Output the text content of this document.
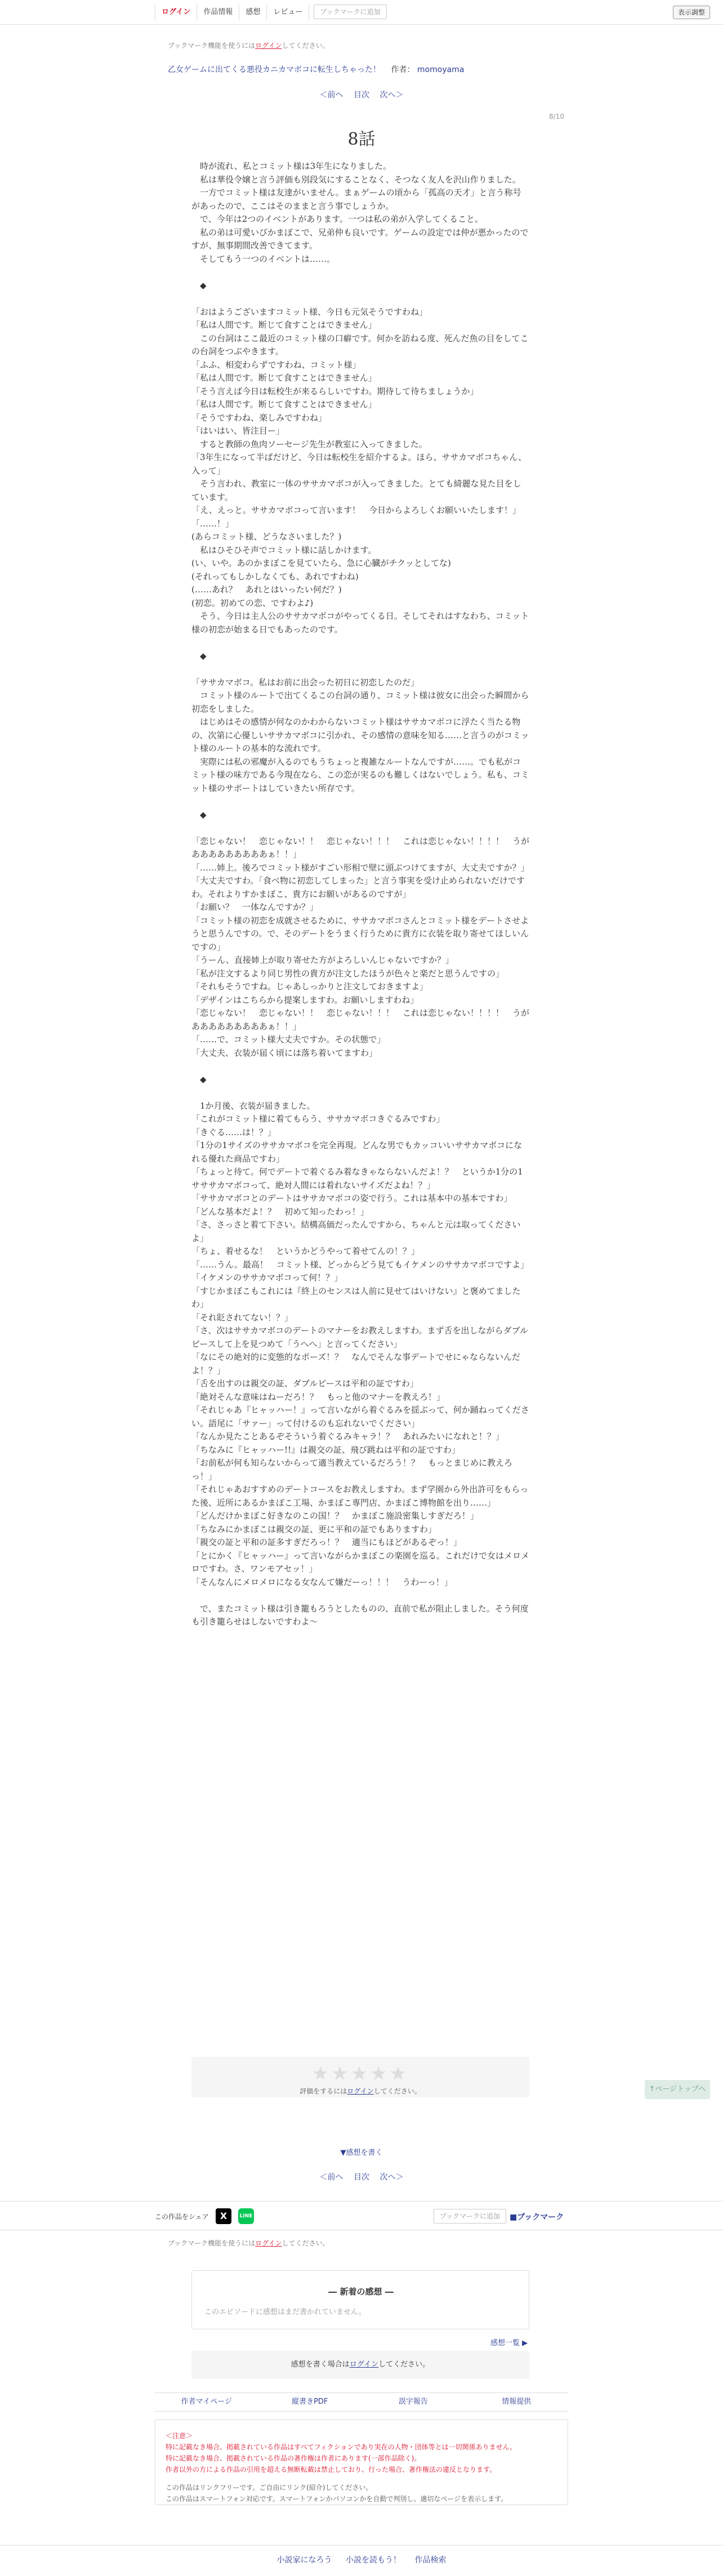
ログイン	作品情報	感想	レビュー	ブックマークに追加	表示調整
ブックマーク機能を使うにはログインしてください。
乙女ゲームに出てくる悪役カニカマボコに転生しちゃった！ 作者： momoyama
＜前へ 目次 次へ＞
8/10
8話

　時が流れ、私とコミット様は3年生になりました。

　私は華役令嬢と言う評価も別段気にすることなく、そつなく友人を沢山作りました。

　一方でコミット様は友達がいません。まぁゲームの頃から「孤高の天才」と言う称号があったので、ここはそのままと言う事でしょうか。

　で、今年は2つのイベントがあります。一つは私の弟が入学してくること。

　私の弟は可愛いびかまぼこで、兄弟仲も良いです。ゲームの設定では仲が悪かったのですが、無事期間改善できてます。

　そしてもう一つのイベントは……。

　◆

「おはようございますコミット様、今日も元気そうですわね」

「私は人間です。断じて食すことはできません」

　この台詞はここ最近のコミット様の口癖です。何かを訪ねる度、死んだ魚の目をしてこの台詞をつぶやきます。

「ふふ、相変わらずですわね、コミット様」

「私は人間です。断じて食すことはできません」

「そう言えば今日は転校生が来るらしいですわ。期待して待ちましょうか」

「私は人間です。断じて食すことはできません」

「そうですわね、楽しみですわね」

「はいはい、皆注目ー」

　すると教師の魚肉ソーセージ先生が教室に入ってきました。

「3年生になって半ばだけど、今日は転校生を紹介するよ。ほら、ササカマボコちゃん、入って」

　そう言われ、教室に一体のササカマボコが入ってきました。とても綺麗な見た目をしています。

「え、えっと。ササカマボコって言います！　今日からよろしくお願いいたします！」

「……！」

(あらコミット様、どうなさいました？)

　私はひそひそ声でコミット様に話しかけます。

(い、いや。あのかまぼこを見ていたら、急に心臓がチクッとしてな)

(それってもしかしなくても、あれですわね)

(……あれ？　あれとはいったい何だ？)

(初恋。初めての恋、ですわよ♪)

　そう、今日は主人公のササカマボコがやってくる日。そしてそれはすなわち、コミット様の初恋が始まる日でもあったのです。

　◆

「ササカマボコ。私はお前に出会った初日に初恋したのだ」

　コミット様のルートで出てくるこの台詞の通り、コミット様は彼女に出会った瞬間から初恋をしました。

　はじめはその感情が何なのかわからないコミット様はササカマボコに浮たく当たる物の、次第に心優しいササカマボコに引かれ、その感情の意味を知る……と言うのがコミット様のルートの基本的な流れです。

　実際には私の邪魔が入るのでもうちょっと複雑なルートなんですが……。でも私がコミット様の味方である今現在なら、この恋が実るのも難しくはないでしょう。私も、コミット様のサポートはしていきたい所存です。

　◆

「恋じゃない！　恋じゃない！！　恋じゃない！！！　これは恋じゃない！！！！　うがあああああああああぁ！！」

「……姉上。後ろでコミット様がすごい形相で壁に頭ぶつけてますが、大丈夫ですか？」

「大丈夫ですわ。「食べ物に初恋してしまった」と言う事実を受け止められないだけですわ。それよりすかまぼこ、貴方にお願いがあるのですが」

「お願い？　一体なんですか？」

「コミット様の初恋を成就させるために、ササカマボコさんとコミット様をデートさせようと思うんですの。で、そのデートをうまく行うために貴方に衣装を取り寄せてほしいんですの」

「うーん、直接姉上が取り寄せた方がよろしいんじゃないですか？」

「私が注文するより同じ男性の貴方が注文したほうが色々と楽だと思うんですの」

「それもそうですね。じゃあしっかりと注文しておきますよ」

「デザインはこちらから提案しますわ。お願いしますわね」

「恋じゃない！　恋じゃない！！　恋じゃない！！！　これは恋じゃない！！！！　うがあああああああああぁ！！」

「……で、コミット様大丈夫ですか。その状態で」

「大丈夫、衣装が届く頃には落ち着いてますわ」

　◆

　1か月後、衣装が届きました。

「これがコミット様に着てもらう、ササカマボコきぐるみですわ」

「きぐる……は！？」

「1分の1サイズのササカマボコを完全再現。どんな男でもカッコいいササカマボコになれる優れた商品ですわ」

「ちょっと待て。何でデートで着ぐるみ着なきゃならないんだよ！？　というか1分の1サササカマボコって、絶対人間には着れないサイズだよね！？」

「ササカマボコとのデートはササカマボコの姿で行う。これは基本中の基本ですわ」

「どんな基本だよ！？　初めて知ったわっ！」

「さ、さっさと着て下さい。結構高価だったんですから、ちゃんと元は取ってくださいよ」

「ちょ、着せるな！　というかどうやって着せてんの！？」

「……うん。最高！　コミット様、どっからどう見てもイケメンのササカマボコですよ」

「イケメンのササカマボコって何！？」

「すじかまぼこもこれには『終上のセンスは人前に見せてはいけない』と褒めてましたわ」

「それ貶されてない！？」

「さ、次はササカマボコのデートのマナーをお教えしますわ。まず舌を出しながらダブルピースして上を見つめて「うへへ」と言ってください」

「なにその絶対的に変態的なポーズ！？　なんでそんな事デートでせにゃならないんだよ！？」

「舌を出すのは親交の証、ダブルピースは平和の証ですわ」

「絶対そんな意味はねーだろ！？　もっと他のマナーを教えろ！」

「それじゃあ『ヒャッハー！』って言いながら着ぐるみを揺ぶって、何か踊ねってください。語尾に「サァー」って付けるのも忘れないでください」

「なんか見たことあるぞそういう着ぐるみキャラ！？　あれみたいになれと！？」

「ちなみに『ヒャッハー!!』は親交の証、飛び跳ねは平和の証ですわ」

「お前私が何も知らないからって適当教えているだろう！？　もっとまじめに教えろっ！」

「それじゃあおすすめのデートコースをお教えしますわ。まず学園から外出許可をもらった後、近所にあるかまぼこ工場、かまぼこ専門店、かまぼこ博物館を出り……」

「どんだけかまぼこ好きなのこの国！？　かまぼこ施設密集しすぎだろ！」

「ちなみにかまぼこは親交の証、更に平和の証でもありますわ」

「親交の証と平和の証多すぎだろっ！？　適当にもほどがあるぞっ！」

「とにかく『ヒャッハー』って言いながらかまぼこの楽園を巡る。これだけで女はメロメロですわ。さ、ワンモアセッ！」

「そんなんにメロメロになる女なんて嫌だーっ！！！　うわーっ！」

　で、またコミット様は引き籠もろうとしたものの、直前で私が阻止しました。そう何度も引き籠らせはしないですわよ～

★★★★★
評価をするにはログインしてください。	↑ページトップへ
▼感想を書く
＜前へ 目次 次へ＞
この作品をシェア	X	LINE	ブックマークに追加	■ブックマーク
ブックマーク機能を使うにはログインしてください。
― 新着の感想 ―
このエピソードに感想はまだ書かれていません。
感想一覧 ▶
感想を書く場合はログインしてください。
作者マイページ	縦書きPDF	誤字報告	情報提供
＜注意＞
特に記載なき場合、掲載されている作品はすべてフィクションであり実在の人物・団体等とは一切関係ありません。
特に記載なき場合、掲載されている作品の著作権は作者にあります(一部作品除く)。
作者以外の方による作品の引用を超える無断転載は禁止しており、行った場合、著作権法の違反となります。
この作品はリンクフリーです。ご自由にリンク(紹介)してください。
この作品はスマートフォン対応です。スマートフォンかパソコンかを自動で判別し、適切なページを表示します。
小説家になろう 小説を読もう！ 作品検索
